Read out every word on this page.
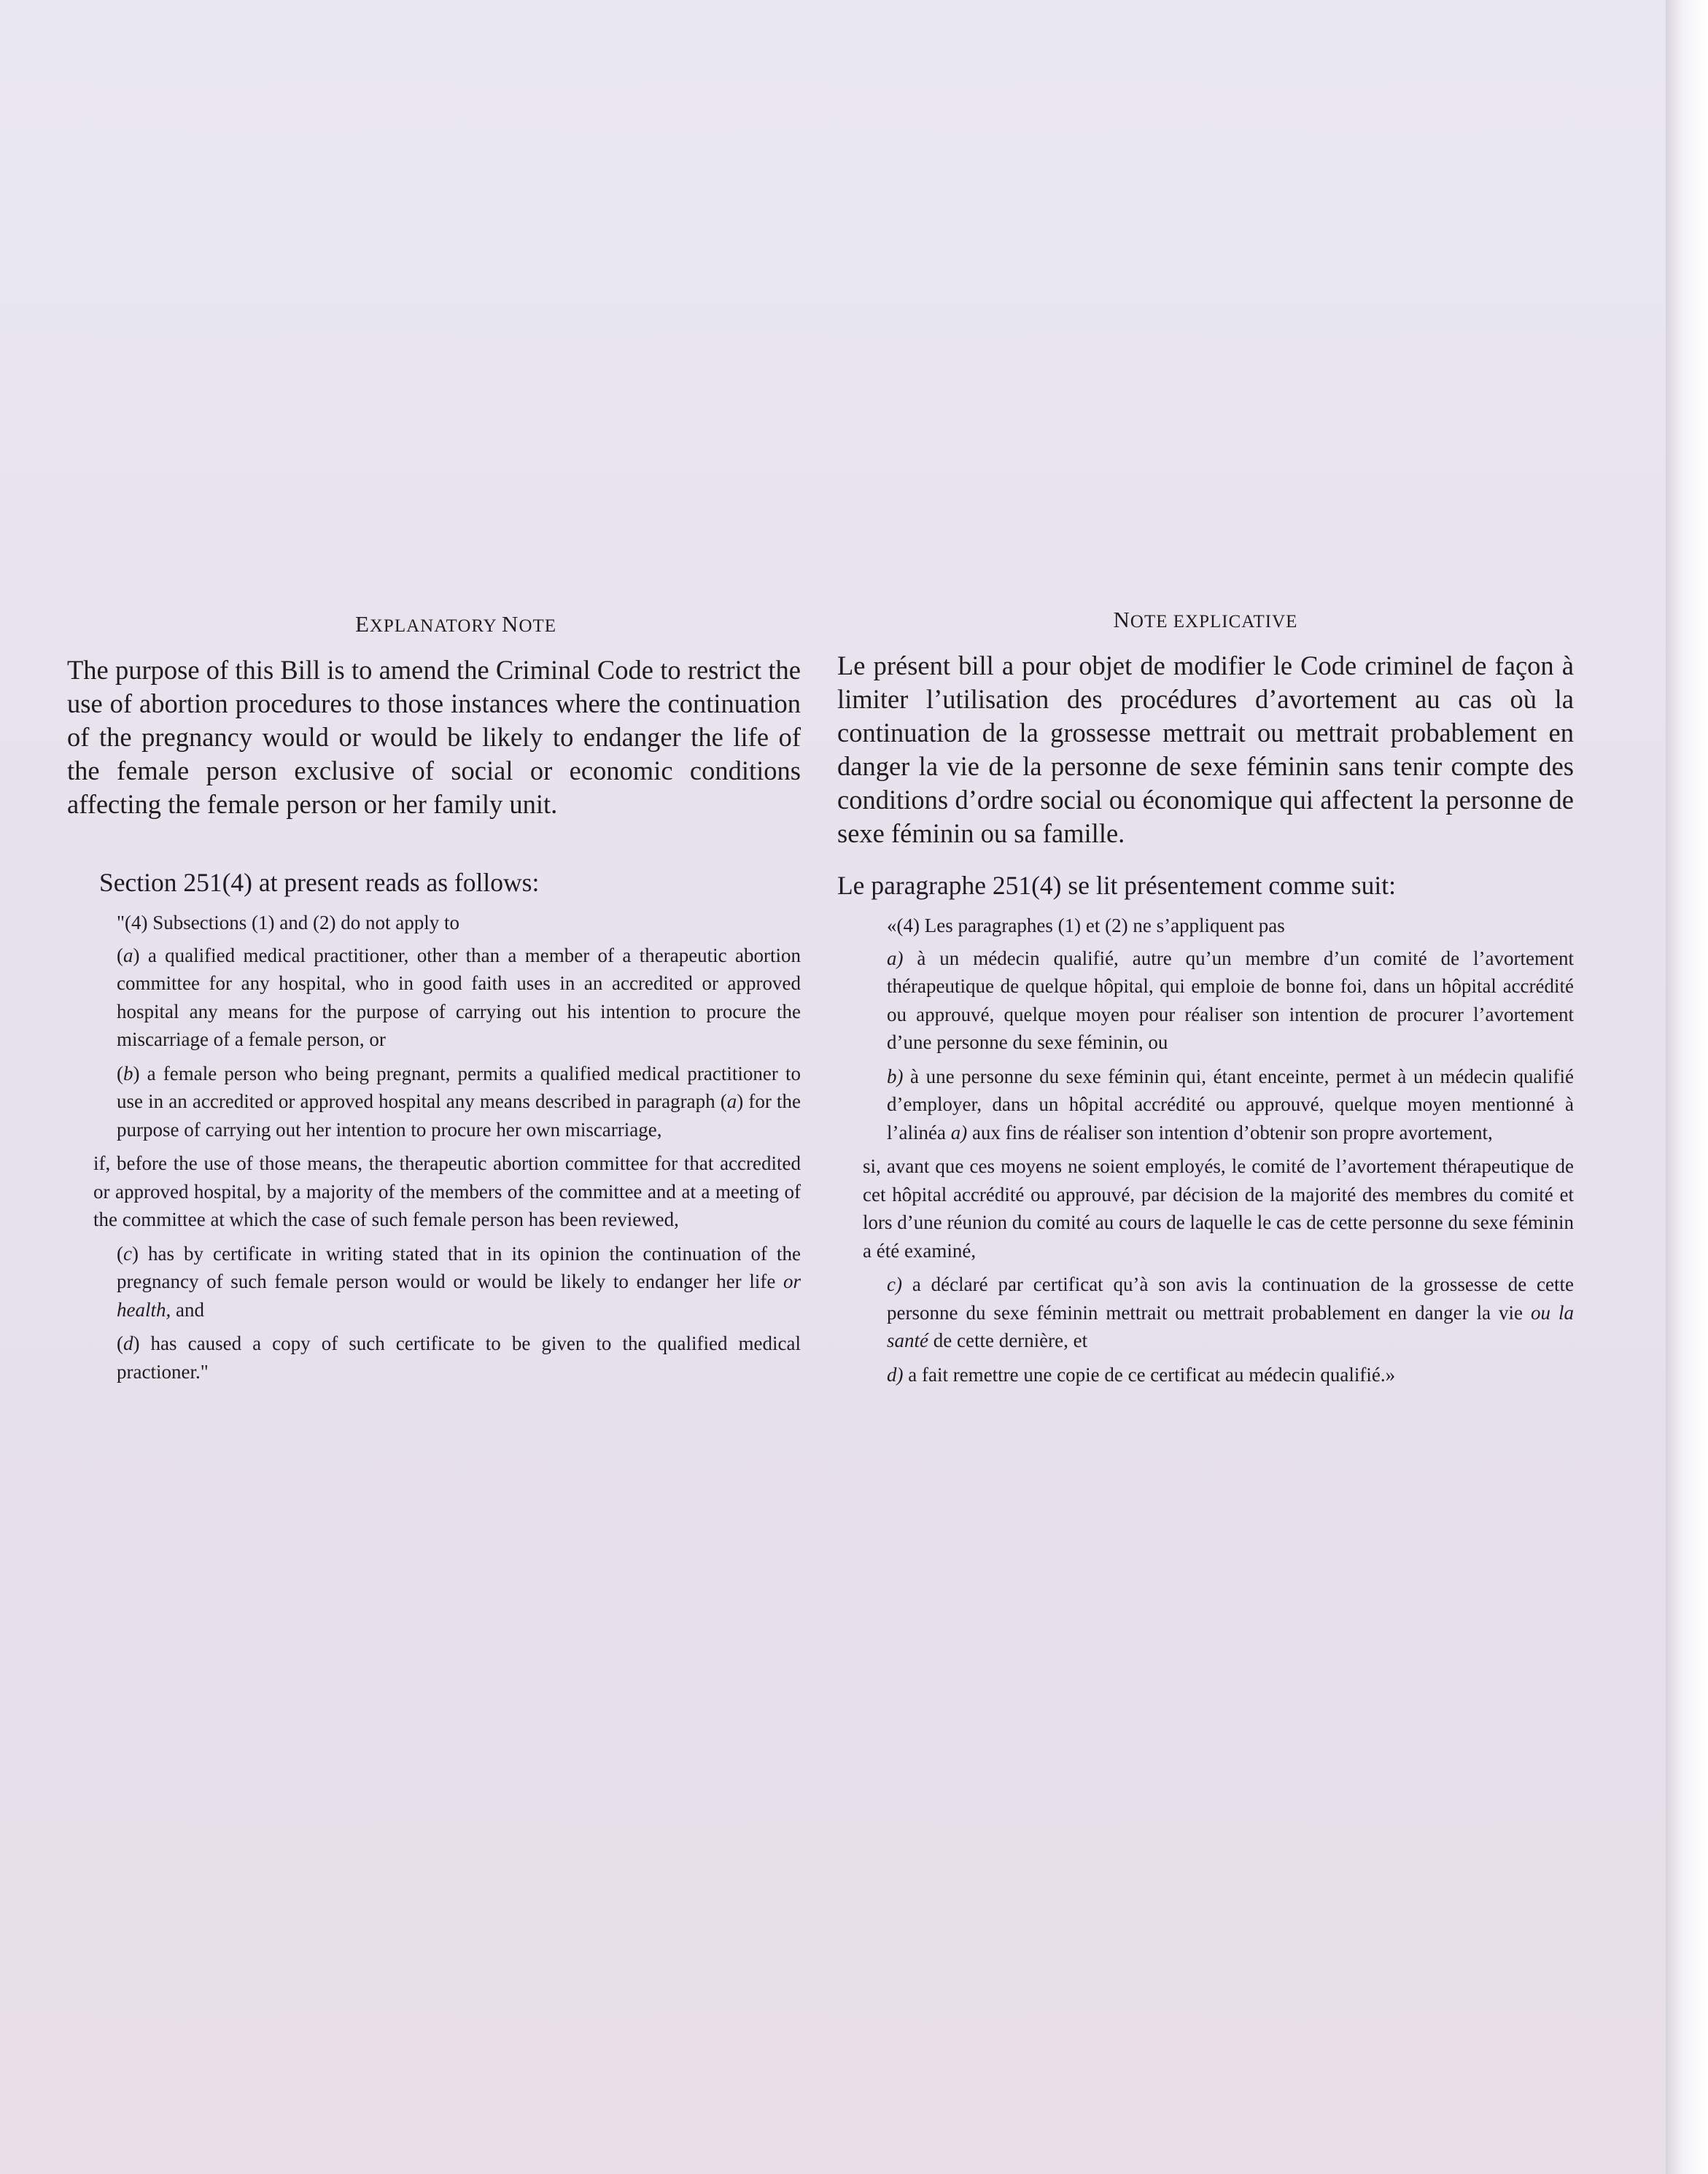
EXPLANATORY NOTE

The purpose of this Bill is to amend the Criminal Code to restrict the use of abortion procedures to those instances where the continuation of the pregnancy would or would be likely to endanger the life of the female person exclusive of social or economic conditions affecting the female person or her family unit.

Section 251(4) at present reads as follows:

"(4) Subsections (1) and (2) do not apply to

(a) a qualified medical practitioner, other than a member of a therapeutic abortion committee for any hospital, who in good faith uses in an accredited or approved hospital any means for the purpose of carrying out his intention to procure the miscarriage of a female person, or

(b) a female person who being pregnant, permits a qualified medical practitioner to use in an accredited or approved hospital any means described in paragraph (a) for the purpose of carrying out her intention to procure her own miscarriage,

if, before the use of those means, the therapeutic abortion committee for that accredited or approved hospital, by a majority of the members of the committee and at a meeting of the committee at which the case of such female person has been reviewed,

(c) has by certificate in writing stated that in its opinion the continuation of the pregnancy of such female person would or would be likely to endanger her life or health, and

(d) has caused a copy of such certificate to be given to the qualified medical practioner."

NOTE EXPLICATIVE

Le présent bill a pour objet de modifier le Code criminel de façon à limiter l’utilisation des procédures d’avortement au cas où la continuation de la grossesse mettrait ou mettrait probablement en danger la vie de la personne de sexe féminin sans tenir compte des conditions d’ordre social ou économique qui affectent la personne de sexe féminin ou sa famille.

Le paragraphe 251(4) se lit présentement comme suit:

«(4) Les paragraphes (1) et (2) ne s’appliquent pas

a) à un médecin qualifié, autre qu’un membre d’un comité de l’avortement thérapeutique de quelque hôpital, qui emploie de bonne foi, dans un hôpital accrédité ou approuvé, quelque moyen pour réaliser son intention de procurer l’avortement d’une personne du sexe féminin, ou

b) à une personne du sexe féminin qui, étant enceinte, permet à un médecin qualifié d’employer, dans un hôpital accrédité ou approuvé, quelque moyen mentionné à l’alinéa a) aux fins de réaliser son intention d’obtenir son propre avortement,

si, avant que ces moyens ne soient employés, le comité de l’avortement thérapeutique de cet hôpital accrédité ou approuvé, par décision de la majorité des membres du comité et lors d’une réunion du comité au cours de laquelle le cas de cette personne du sexe féminin a été examiné,

c) a déclaré par certificat qu’à son avis la continuation de la grossesse de cette personne du sexe féminin mettrait ou mettrait probablement en danger la vie ou la santé de cette dernière, et

d) a fait remettre une copie de ce certificat au médecin qualifié.»
